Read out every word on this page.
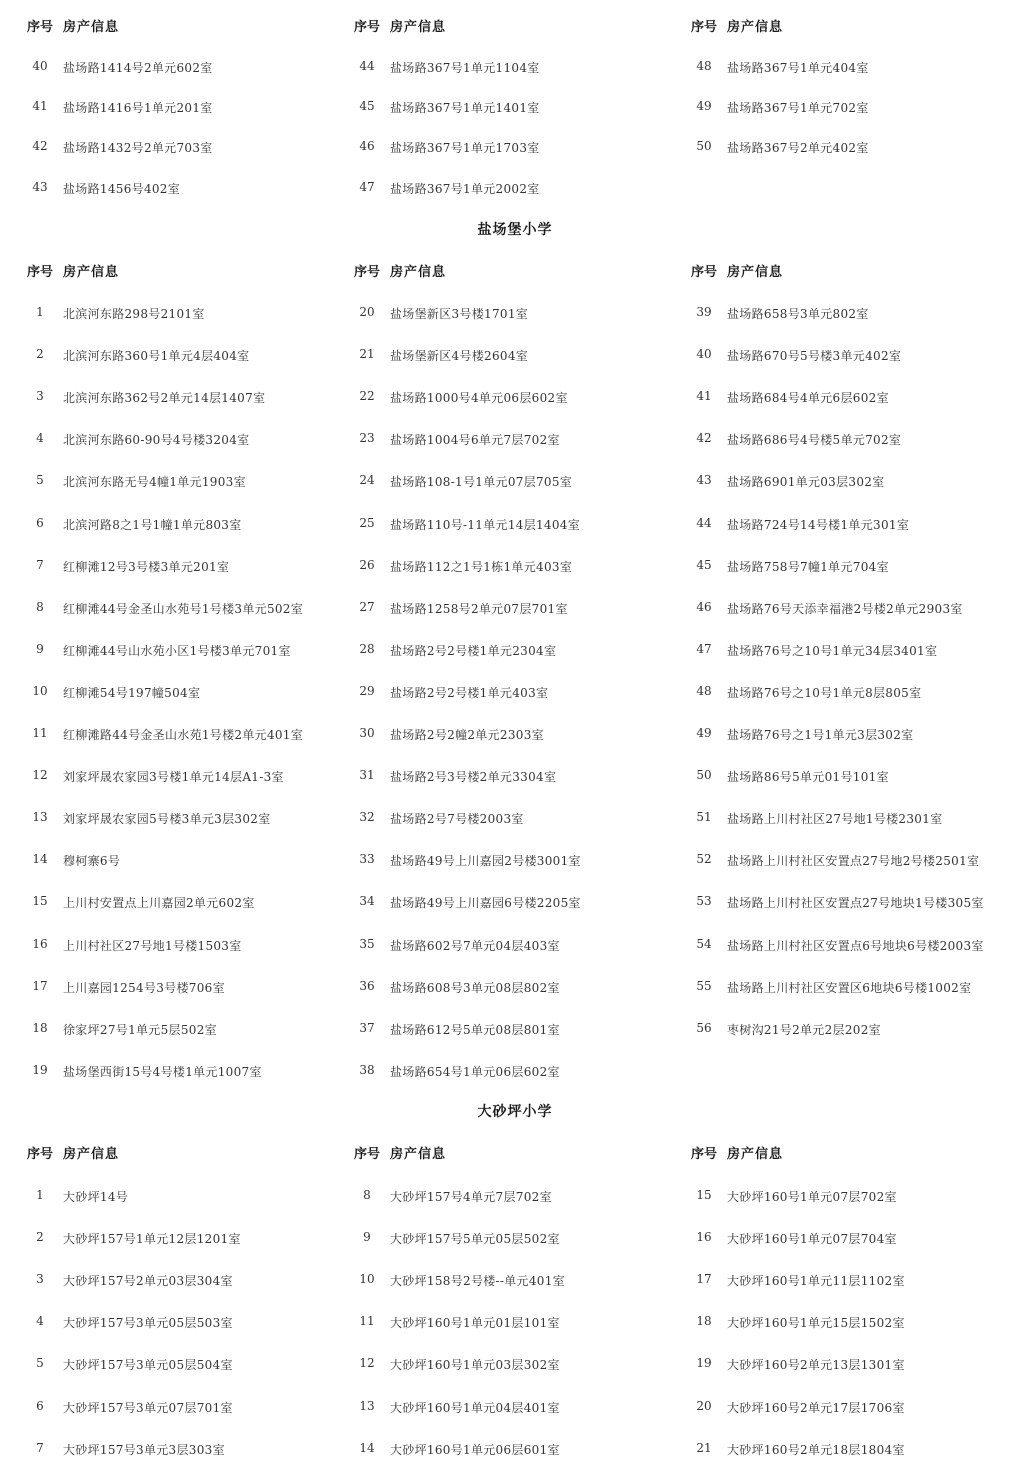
序号 房产信息
40	盐场路1414号2单元602室
41	盐场路1416号1单元201室
42	盐场路1432号2单元703室
43	盐场路1456号402室
序号 房产信息
44	盐场路367号1单元1104室
45	盐场路367号1单元1401室
46	盐场路367号1单元1703室
47	盐场路367号1单元2002室
序号 房产信息
48	盐场路367号1单元404室
49	盐场路367号1单元702室
50	盐场路367号2单元402室
盐场堡小学
序号 房产信息
1	北滨河东路298号2101室
2	北滨河东路360号1单元4层404室
3	北滨河东路362号2单元14层1407室
4	北滨河东路60-90号4号楼3204室
5	北滨河东路无号4幢1单元1903室
6	北滨河路8之1号1幢1单元803室
7	红柳滩12号3号楼3单元201室
8	红柳滩44号金圣山水苑号1号楼3单元502室
9	红柳滩44号山水苑小区1号楼3单元701室
10	红柳滩54号197幢504室
11	红柳滩路44号金圣山水苑1号楼2单元401室
12	刘家坪晟农家园3号楼1单元14层A1-3室
13	刘家坪晟农家园5号楼3单元3层302室
14	穆柯寨6号
15	上川村安置点上川嘉园2单元602室
16	上川村社区27号地1号楼1503室
17	上川嘉园1254号3号楼706室
18	徐家坪27号1单元5层502室
19	盐场堡西街15号4号楼1单元1007室
序号 房产信息
20	盐场堡新区3号楼1701室
21	盐场堡新区4号楼2604室
22	盐场路1000号4单元06层602室
23	盐场路1004号6单元7层702室
24	盐场路108-1号1单元07层705室
25	盐场路110号-11单元14层1404室
26	盐场路112之1号1栋1单元403室
27	盐场路1258号2单元07层701室
28	盐场路2号2号楼1单元2304室
29	盐场路2号2号楼1单元403室
30	盐场路2号2幢2单元2303室
31	盐场路2号3号楼2单元3304室
32	盐场路2号7号楼2003室
33	盐场路49号上川嘉园2号楼3001室
34	盐场路49号上川嘉园6号楼2205室
35	盐场路602号7单元04层403室
36	盐场路608号3单元08层802室
37	盐场路612号5单元08层801室
38	盐场路654号1单元06层602室
序号 房产信息
39	盐场路658号3单元802室
40	盐场路670号5号楼3单元402室
41	盐场路684号4单元6层602室
42	盐场路686号4号楼5单元702室
43	盐场路6901单元03层302室
44	盐场路724号14号楼1单元301室
45	盐场路758号7幢1单元704室
46	盐场路76号天添幸福港2号楼2单元2903室
47	盐场路76号之10号1单元34层3401室
48	盐场路76号之10号1单元8层805室
49	盐场路76号之1号1单元3层302室
50	盐场路86号5单元01号101室
51	盐场路上川村社区27号地1号楼2301室
52	盐场路上川村社区安置点27号地2号楼2501室
53	盐场路上川村社区安置点27号地块1号楼305室
54	盐场路上川村社区安置点6号地块6号楼2003室
55	盐场路上川村社区安置区6地块6号楼1002室
56	枣树沟21号2单元2层202室
大砂坪小学
序号 房产信息
1	大砂坪14号
2	大砂坪157号1单元12层1201室
3	大砂坪157号2单元03层304室
4	大砂坪157号3单元05层503室
5	大砂坪157号3单元05层504室
6	大砂坪157号3单元07层701室
7	大砂坪157号3单元3层303室
序号 房产信息
8	大砂坪157号4单元7层702室
9	大砂坪157号5单元05层502室
10	大砂坪158号2号楼--单元401室
11	大砂坪160号1单元01层101室
12	大砂坪160号1单元03层302室
13	大砂坪160号1单元04层401室
14	大砂坪160号1单元06层601室
序号 房产信息
15	大砂坪160号1单元07层702室
16	大砂坪160号1单元07层704室
17	大砂坪160号1单元11层1102室
18	大砂坪160号1单元15层1502室
19	大砂坪160号2单元13层1301室
20	大砂坪160号2单元17层1706室
21	大砂坪160号2单元18层1804室
